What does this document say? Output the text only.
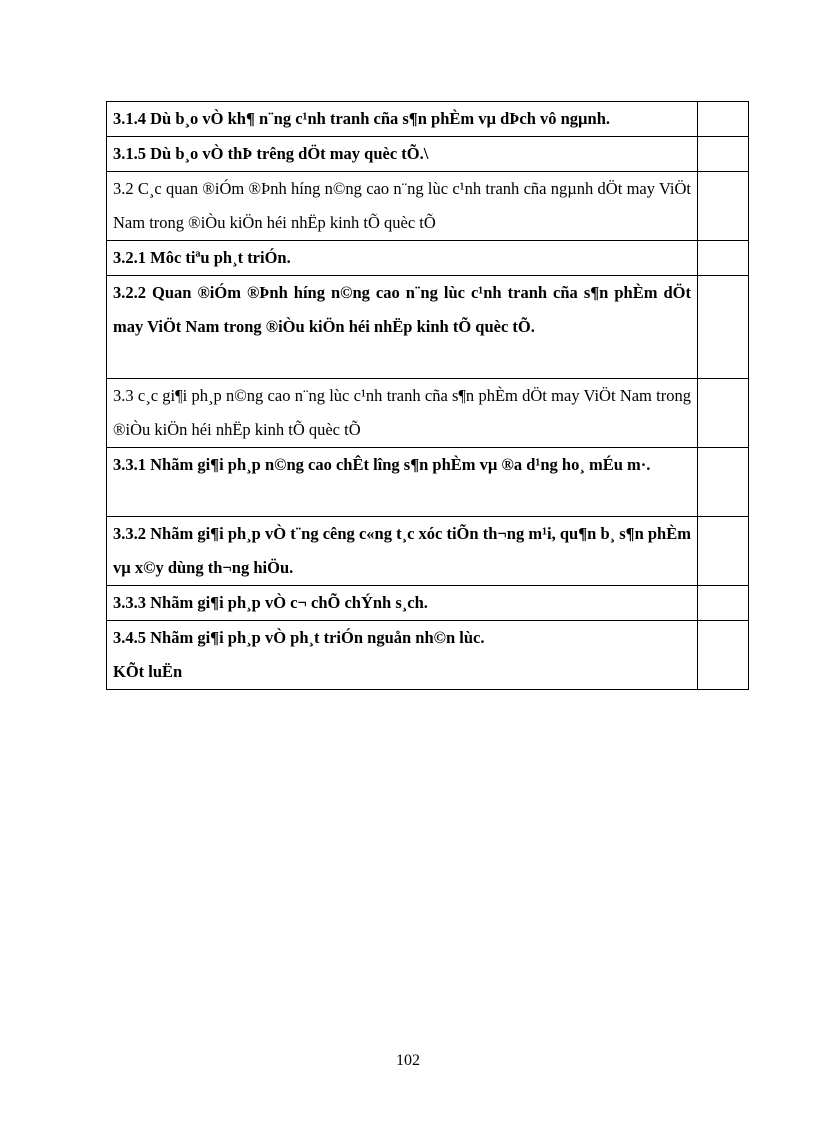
3.1.4 Dù b¸o vÒ kh¶ n¨ng c¹nh tranh cña s¶n phÈm vµ dÞch vô ngµnh.	
3.1.5 Dù b¸o vÒ thÞ trêng dÖt may quèc tÕ.\	
3.2 C¸c quan ®iÓm ®Þnh híng n©ng cao n¨ng lùc c¹nh tranh cña ngµnh dÖt may ViÖt Nam trong ®iÒu kiÖn héi nhËp kinh tÕ quèc tÕ	
3.2.1 Môc tiªu ph¸t triÓn.	
3.2.2 Quan ®iÓm ®Þnh híng n©ng cao n¨ng lùc c¹nh tranh cña s¶n phÈm dÖt may ViÖt Nam trong ®iÒu kiÖn héi nhËp kinh tÕ quèc tÕ.	
3.3 c¸c gi¶i ph¸p n©ng cao n¨ng lùc c¹nh tranh cña s¶n phÈm dÖt may ViÖt Nam trong ®iÒu kiÖn héi nhËp kinh tÕ quèc tÕ	
3.3.1 Nhãm gi¶i ph¸p n©ng cao chÊt lîng s¶n phÈm vµ ®a d¹ng ho¸ mÉu m·.	
3.3.2 Nhãm gi¶i ph¸p vÒ t¨ng cêng c«ng t¸c xóc tiÕn th¬ng m¹i, qu¶n b¸ s¶n phÈm vµ x©y dùng th¬ng hiÖu.	
3.3.3 Nhãm gi¶i ph¸p vÒ c¬ chÕ chÝnh s¸ch.	

3.4.5 Nhãm gi¶i ph¸p vÒ ph¸t triÓn nguån nh©n lùc.
KÕt luËn	

102
